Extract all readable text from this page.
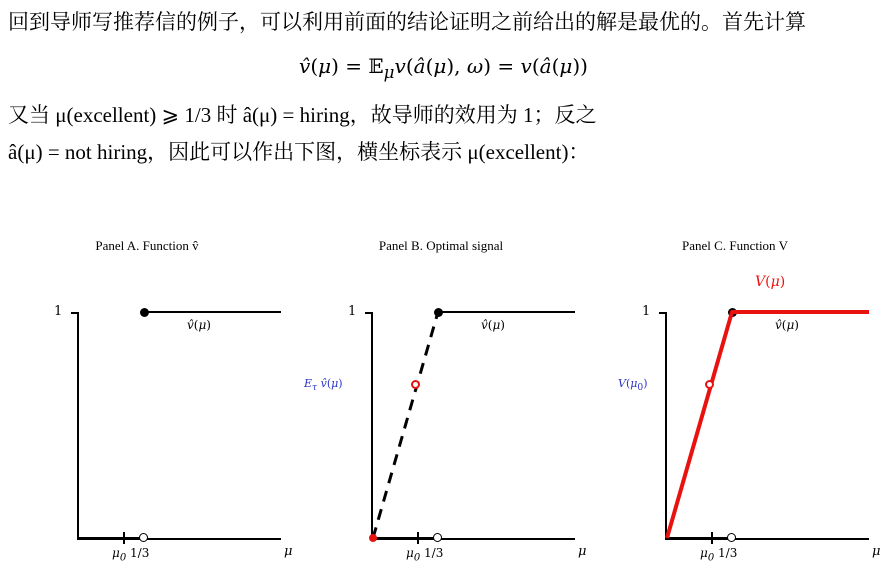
回到导师写推荐信的例子，可以利用前面的结论证明之前给出的解是最优的。首先计算

v̂(μ) = 𝔼$_\mu$v(â(μ), ω) = v(â(μ))

又当 μ(excellent) ⩾ 1/3 时 â(μ) = hiring，故导师的效用为 1；反之

â(μ) = not hiring，因此可以作出下图，横坐标表示 μ(excellent)：

Panel A. Function v̂
1
v̂(μ)
$\mu_0$ 1/3	μ
Panel B. Optimal signal
1
v̂(μ)
$E_\tau$ v̂(μ)
$\mu_0$ 1/3	μ
Panel C. Function V
1
V(μ)
v̂(μ)
$V(\mu_0)$
$\mu_0$ 1/3	μ
